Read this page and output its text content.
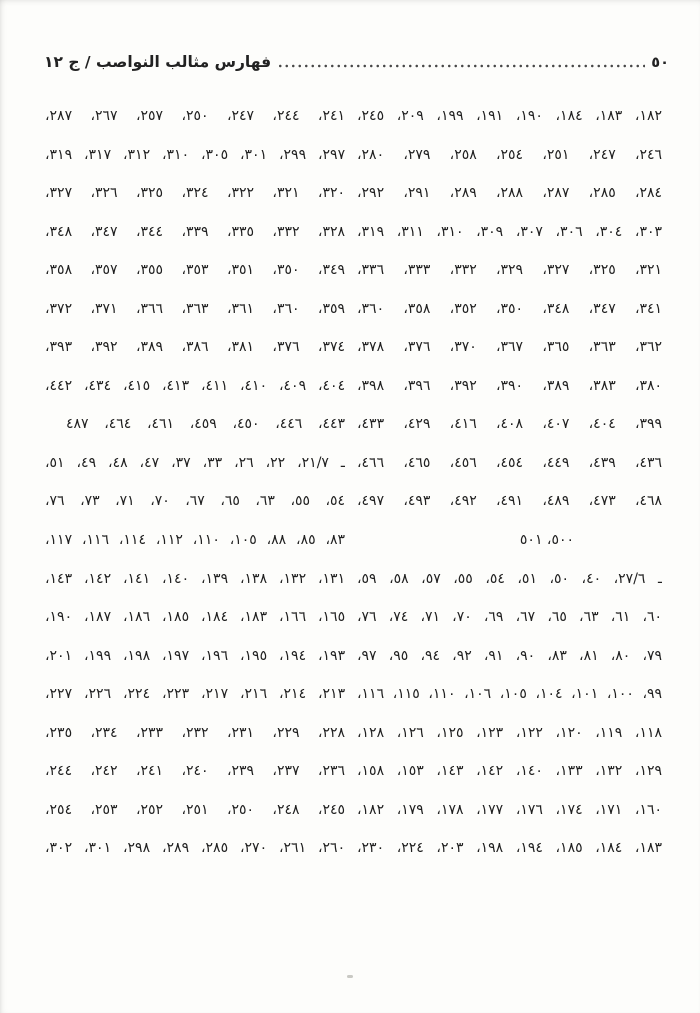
٥٠
فهارس مثالب النواصب / ج ١٢
١٨٢، ١٨٣، ١٨٤، ١٩٠، ١٩١، ١٩٩، ٢٠٩، ٢٤٥،
٢٤٦، ٢٤٧، ٢٥١، ٢٥٤، ٢٥٨، ٢٧٩، ٢٨٠،
٢٨٤، ٢٨٥، ٢٨٧، ٢٨٨، ٢٨٩، ٢٩١، ٢٩٢،
٣٠٣، ٣٠٤، ٣٠٦، ٣٠٧، ٣٠٩، ٣١٠، ٣١١، ٣١٩،
٣٢١، ٣٢٥، ٣٢٧، ٣٢٩، ٣٣٢، ٣٣٣، ٣٣٦،
٣٤١، ٣٤٧، ٣٤٨، ٣٥٠، ٣٥٢، ٣٥٨، ٣٦٠،
٣٦٢، ٣٦٣، ٣٦٥، ٣٦٧، ٣٧٠، ٣٧٦، ٣٧٨،
٣٨٠، ٣٨٣، ٣٨٩، ٣٩٠، ٣٩٢، ٣٩٦، ٣٩٨،
٣٩٩، ٤٠٤، ٤٠٧، ٤٠٨، ٤١٦، ٤٢٩، ٤٣٣،
٤٣٦، ٤٣٩، ٤٤٩، ٤٥٤، ٤٥٦، ٤٦٥، ٤٦٦،
٤٦٨، ٤٧٣، ٤٨٩، ٤٩١، ٤٩٢، ٤٩٣، ٤٩٧،
٥٠٠، ٥٠١
ـ ٢٧/٦، ٤٠، ٥٠، ٥١، ٥٤، ٥٥، ٥٧، ٥٨، ٥٩،
٦٠، ٦١، ٦٣، ٦٥، ٦٧، ٦٩، ٧٠، ٧١، ٧٤، ٧٦،
٧٩، ٨٠، ٨١، ٨٣، ٩٠، ٩١، ٩٢، ٩٤، ٩٥، ٩٧،
٩٩، ١٠٠، ١٠١، ١٠٤، ١٠٥، ١٠٦، ١١٠، ١١٥، ١١٦،
١١٨، ١١٩، ١٢٠، ١٢٢، ١٢٣، ١٢٥، ١٢٦، ١٢٨،
١٢٩، ١٣٢، ١٣٣، ١٤٠، ١٤٢، ١٤٣، ١٥٣، ١٥٨،
١٦٠، ١٧١، ١٧٤، ١٧٦، ١٧٧، ١٧٨، ١٧٩، ١٨٢،
١٨٣، ١٨٤، ١٨٥، ١٩٤، ١٩٨، ٢٠٣، ٢٢٤، ٢٣٠،
٢٤١، ٢٤٤، ٢٤٧، ٢٥٠، ٢٥٧، ٢٦٧، ٢٨٧،
٢٩٧، ٢٩٩، ٣٠١، ٣٠٥، ٣١٠، ٣١٢، ٣١٧، ٣١٩،
٣٢٠، ٣٢١، ٣٢٢، ٣٢٤، ٣٢٥، ٣٢٦، ٣٢٧،
٣٢٨، ٣٣٢، ٣٣٥، ٣٣٩، ٣٤٤، ٣٤٧، ٣٤٨،
٣٤٩، ٣٥٠، ٣٥١، ٣٥٣، ٣٥٥، ٣٥٧، ٣٥٨،
٣٥٩، ٣٦٠، ٣٦١، ٣٦٣، ٣٦٦، ٣٧١، ٣٧٢،
٣٧٤، ٣٧٦، ٣٨١، ٣٨٦، ٣٨٩، ٣٩٢، ٣٩٣،
٤٠٤، ٤٠٩، ٤١٠، ٤١١، ٤١٣، ٤١٥، ٤٣٤، ٤٤٢،
٤٤٣، ٤٤٦، ٤٥٠، ٤٥٩، ٤٦١، ٤٦٤، ٤٨٧
ـ ٢١/٧، ٢٢، ٢٦، ٣٣، ٣٧، ٤٧، ٤٨، ٤٩، ٥١،
٥٤، ٥٥، ٦٣، ٦٥، ٦٧، ٧٠، ٧١، ٧٣، ٧٦،
٨٣، ٨٥، ٨٨، ١٠٥، ١١٠، ١١٢، ١١٤، ١١٦، ١١٧،
١٣١، ١٣٢، ١٣٨، ١٣٩، ١٤٠، ١٤١، ١٤٢، ١٤٣،
١٦٥، ١٦٦، ١٨٣، ١٨٤، ١٨٥، ١٨٦، ١٨٧، ١٩٠،
١٩٣، ١٩٤، ١٩٥، ١٩٦، ١٩٧، ١٩٨، ١٩٩، ٢٠١،
٢١٣، ٢١٤، ٢١٦، ٢١٧، ٢٢٣، ٢٢٤، ٢٢٦، ٢٢٧،
٢٢٨، ٢٢٩، ٢٣١، ٢٣٢، ٢٣٣، ٢٣٤، ٢٣٥،
٢٣٦، ٢٣٧، ٢٣٩، ٢٤٠، ٢٤١، ٢٤٢، ٢٤٤،
٢٤٥، ٢٤٨، ٢٥٠، ٢٥١، ٢٥٢، ٢٥٣، ٢٥٤،
٢٦٠، ٢٦١، ٢٧٠، ٢٨٥، ٢٨٩، ٢٩٨، ٣٠١، ٣٠٢،
